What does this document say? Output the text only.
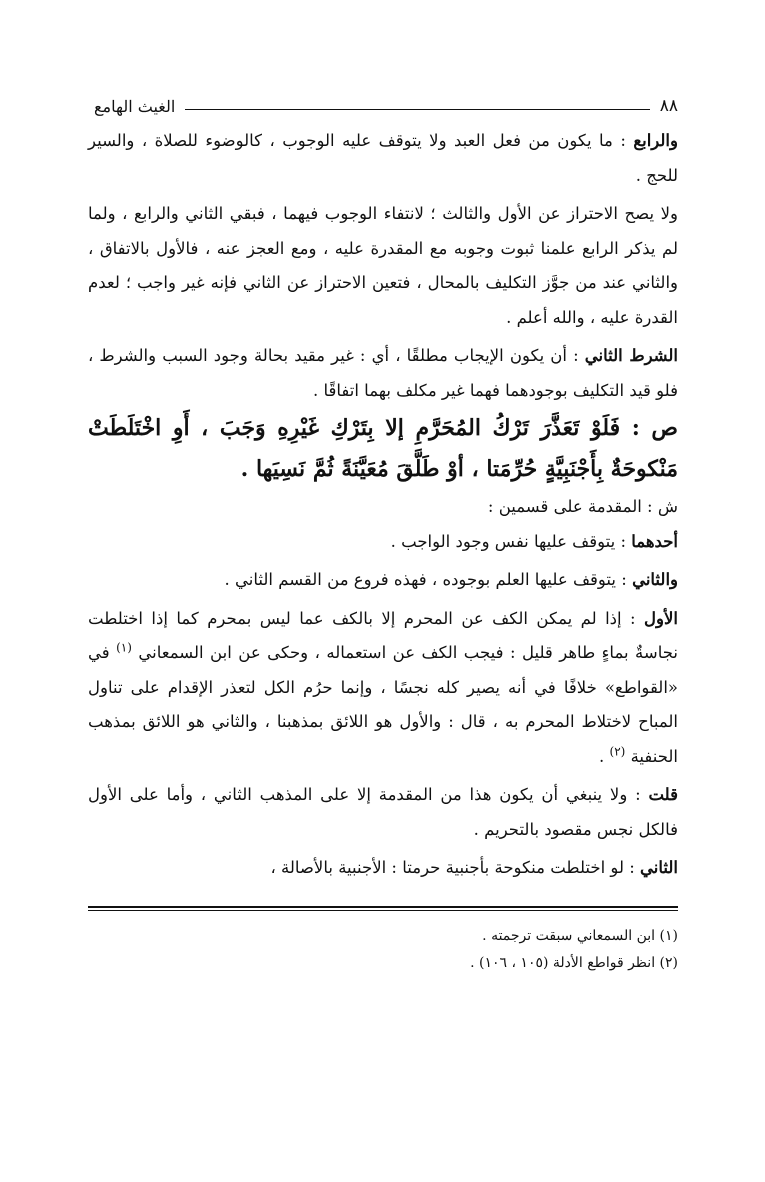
٨٨
الغيث الهامع

والرابع : ما يكون من فعل العبد ولا يتوقف عليه الوجوب ، كالوضوء للصلاة ، والسير للحج .

ولا يصح الاحتراز عن الأول والثالث ؛ لانتفاء الوجوب فيهما ، فبقي الثاني والرابع ، ولما لم يذكر الرابع علمنا ثبوت وجوبه مع المقدرة عليه ، ومع العجز عنه ، فالأول بالاتفاق ، والثاني عند من جوَّز التكليف بالمحال ، فتعين الاحتراز عن الثاني فإنه غير واجب ؛ لعدم القدرة عليه ، والله أعلم .

الشرط الثاني : أن يكون الإيجاب مطلقًا ، أي : غير مقيد بحالة وجود السبب والشرط ، فلو قيد التكليف بوجودهما فهما غير مكلف بهما اتفاقًا .

ص : فَلَوْ تَعَذَّرَ تَرْكُ المُحَرَّمِ إلا بِتَرْكِ غَيْرِهِ وَجَبَ ، أَوِ اخْتَلَطَتْ مَنْكوحَةٌ بِأَجْنَبِيَّةٍ حُرِّمَتا ، أوْ طَلَّقَ مُعَيَّنَةً ثُمَّ نَسِيَها .

ش : المقدمة على قسمين :

أحدهما : يتوقف عليها نفس وجود الواجب .

والثاني : يتوقف عليها العلم بوجوده ، فهذه فروع من القسم الثاني .

الأول : إذا لم يمكن الكف عن المحرم إلا بالكف عما ليس بمحرم كما إذا اختلطت نجاسةٌ بماءٍ طاهر قليل : فيجب الكف عن استعماله ، وحكى عن ابن السمعاني $^{(١)}$ في «القواطع» خلافًا في أنه يصير كله نجسًا ، وإنما حرُم الكل لتعذر الإقدام على تناول المباح لاختلاط المحرم به ، قال : والأول هو اللائق بمذهبنا ، والثاني هو اللائق بمذهب الحنفية $^{(٢)}$ .

قلت : ولا ينبغي أن يكون هذا من المقدمة إلا على المذهب الثاني ، وأما على الأول فالكل نجس مقصود بالتحريم .

الثاني : لو اختلطت منكوحة بأجنبية حرمتا : الأجنبية بالأصالة ،

(١) ابن السمعاني سبقت ترجمته .

(٢) انظر قواطع الأدلة (١٠٥ ، ١٠٦) .
